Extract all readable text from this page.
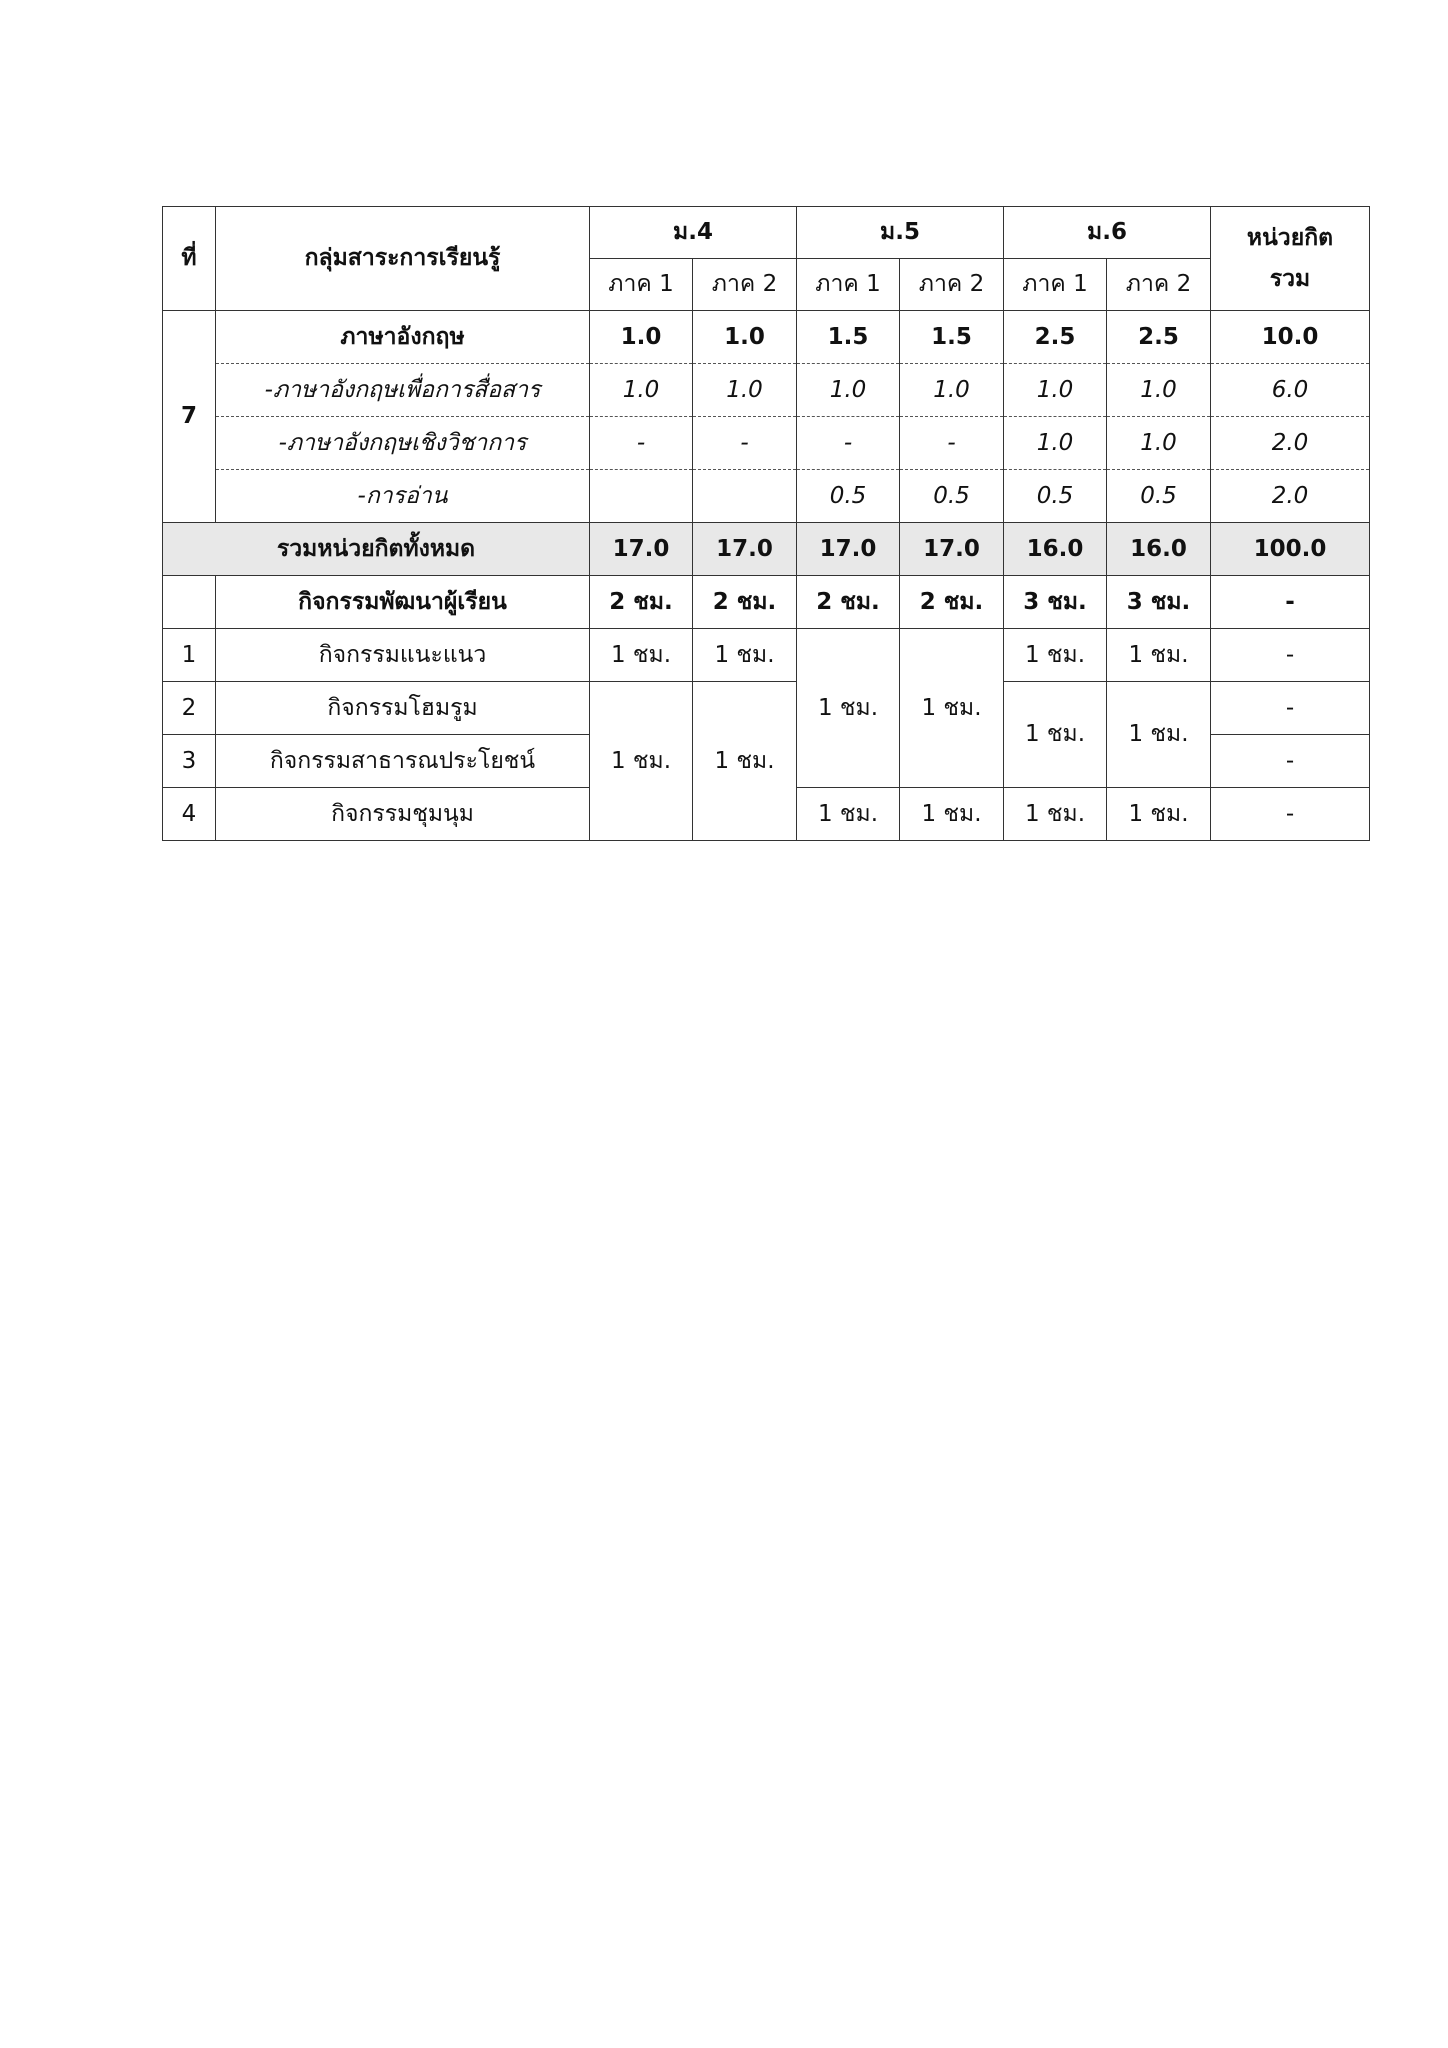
ที่	กลุ่มสาระการเรียนรู้	ม.4		ม.5		ม.6		หน่วยกิต
รวม

		ภาค 1	ภาค 2	ภาค 1	ภาค 2	ภาค 1	ภาค 2	
7	ภาษาอังกฤษ	1.0	1.0	1.5	1.5	2.5	2.5	10.0
	-ภาษาอังกฤษเพื่อการสื่อสาร	1.0	1.0	1.0	1.0	1.0	1.0	6.0
	-ภาษาอังกฤษเชิงวิชาการ	-	-	-	-	1.0	1.0	2.0
	-การอ่าน			0.5	0.5	0.5	0.5	2.0
รวมหน่วยกิตทั้งหมด		17.0	17.0	17.0	17.0	16.0	16.0	100.0
	กิจกรรมพัฒนาผู้เรียน	2 ชม.	2 ชม.	2 ชม.	2 ชม.	3 ชม.	3 ชม.	-
1	กิจกรรมแนะแนว	1 ชม.	1 ชม.	1 ชม.	1 ชม.	1 ชม.	1 ชม.	-
2	กิจกรรมโฮมรูม	1 ชม.	1 ชม.			1 ชม.	1 ชม.	-
3	กิจกรรมสาธารณประโยชน์							-
4	กิจกรรมชุมนุม			1 ชม.	1 ชม.	1 ชม.	1 ชม.	-
